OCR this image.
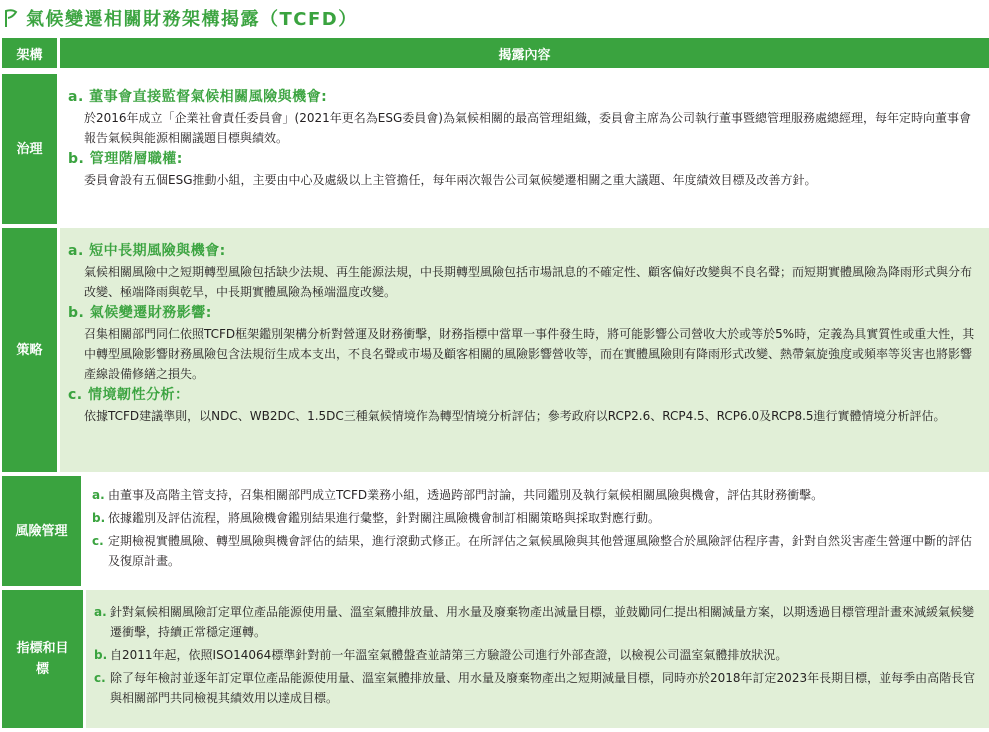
氣候變遷相關財務架構揭露（TCFD）
架構	揭露內容
治理
a. 董事會直接監督氣候相關風險與機會:
於2016年成立「企業社會責任委員會」(2021年更名為ESG委員會)為氣候相關的最高管理組織，委員會主席為公司執行董事暨總管理服務處總經理，每年定時向董事會報告氣候與能源相關議題目標與績效。
b. 管理階層職權:
委員會設有五個ESG推動小組，主要由中心及處級以上主管擔任，每年兩次報告公司氣候變遷相關之重大議題、年度績效目標及改善方針。
策略
a. 短中長期風險與機會:
氣候相關風險中之短期轉型風險包括缺少法規、再生能源法規，中長期轉型風險包括市場訊息的不確定性、顧客偏好改變與不良名聲；而短期實體風險為降雨形式與分布改變、極端降雨與乾旱，中長期實體風險為極端溫度改變。
b. 氣候變遷財務影響:
召集相關部門同仁依照TCFD框架鑑別架構分析對營運及財務衝擊，財務指標中當單一事件發生時，將可能影響公司營收大於或等於5%時，定義為具實質性或重大性，其中轉型風險影響財務風險包含法規衍生成本支出，不良名聲或市場及顧客相關的風險影響營收等，而在實體風險則有降雨形式改變、熱帶氣旋強度或頻率等災害也將影響產線設備修繕之損失。
c. 情境韌性分析：
依據TCFD建議準則，以NDC、WB2DC、1.5DC三種氣候情境作為轉型情境分析評估；參考政府以RCP2.6、RCP4.5、RCP6.0及RCP8.5進行實體情境分析評估。
風險管理
a. 由董事及高階主管支持，召集相關部門成立TCFD業務小組，透過跨部門討論，共同鑑別及執行氣候相關風險與機會，評估其財務衝擊。
b. 依據鑑別及評估流程，將風險機會鑑別結果進行彙整，針對關注風險機會制訂相關策略與採取對應行動。
c. 定期檢視實體風險、轉型風險與機會評估的結果，進行滾動式修正。在所評估之氣候風險與其他營運風險整合於風險評估程序書，針對自然災害產生營運中斷的評估及復原計畫。
指標和目標
a. 針對氣候相關風險訂定單位產品能源使用量、溫室氣體排放量、用水量及廢棄物產出減量目標，並鼓勵同仁提出相關減量方案，以期透過目標管理計畫來減緩氣候變遷衝擊，持續正常穩定運轉。
b. 自2011年起，依照ISO14064標準針對前一年溫室氣體盤查並請第三方驗證公司進行外部查證，以檢視公司溫室氣體排放狀況。
c. 除了每年檢討並逐年訂定單位產品能源使用量、溫室氣體排放量、用水量及廢棄物產出之短期減量目標，同時亦於2018年訂定2023年長期目標，並每季由高階長官與相關部門共同檢視其績效用以達成目標。
